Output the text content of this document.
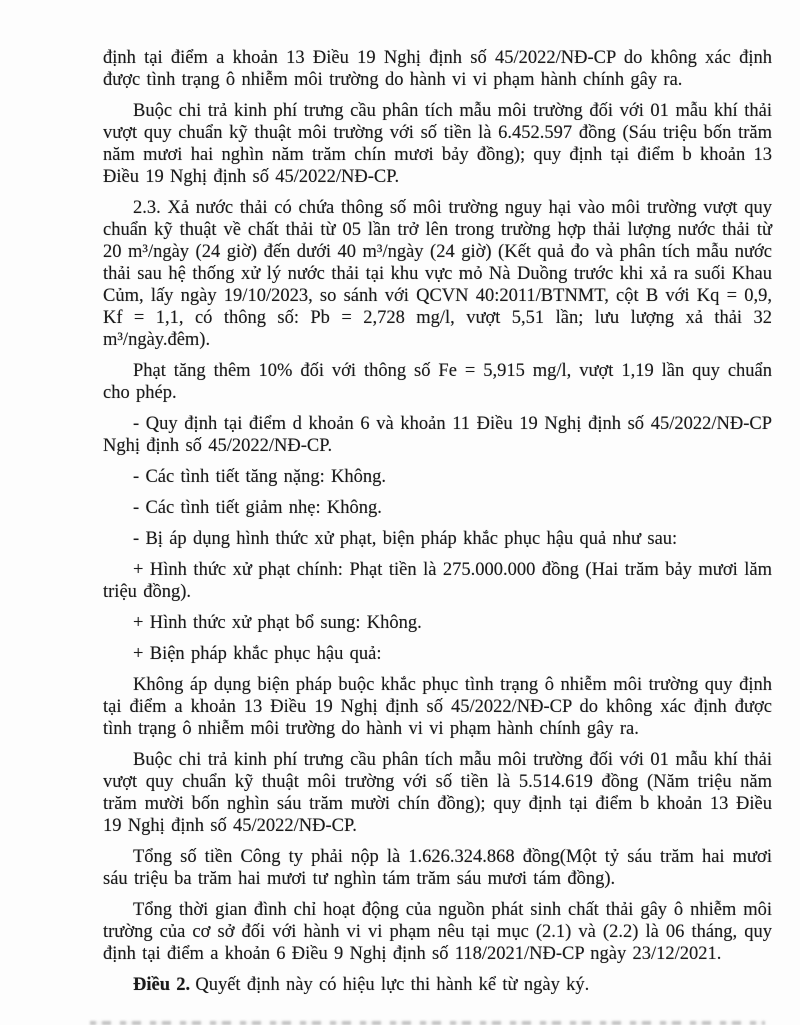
định tại điểm a khoản 13 Điều 19 Nghị định số 45/2022/NĐ-CP do không xác định được tình trạng ô nhiễm môi trường do hành vi vi phạm hành chính gây ra.

Buộc chi trả kinh phí trưng cầu phân tích mẫu môi trường đối với 01 mẫu khí thải vượt quy chuẩn kỹ thuật môi trường với số tiền là 6.452.597 đồng (Sáu triệu bốn trăm năm mươi hai nghìn năm trăm chín mươi bảy đồng); quy định tại điểm b khoản 13 Điều 19 Nghị định số 45/2022/NĐ-CP.

2.3. Xả nước thải có chứa thông số môi trường nguy hại vào môi trường vượt quy chuẩn kỹ thuật về chất thải từ 05 lần trở lên trong trường hợp thải lượng nước thải từ 20 m³/ngày (24 giờ) đến dưới 40 m³/ngày (24 giờ) (Kết quả đo và phân tích mẫu nước thải sau hệ thống xử lý nước thải tại khu vực mỏ Nà Duồng trước khi xả ra suối Khau Củm, lấy ngày 19/10/2023, so sánh với QCVN 40:2011/BTNMT, cột B với Kq = 0,9, Kf = 1,1, có thông số: Pb = 2,728 mg/l, vượt 5,51 lần; lưu lượng xả thải 32 m³/ngày.đêm).

Phạt tăng thêm 10% đối với thông số Fe = 5,915 mg/l, vượt 1,19 lần quy chuẩn cho phép.

- Quy định tại điểm d khoản 6 và khoản 11 Điều 19 Nghị định số 45/2022/NĐ-CP Nghị định số 45/2022/NĐ-CP.

- Các tình tiết tăng nặng: Không.

- Các tình tiết giảm nhẹ: Không.

- Bị áp dụng hình thức xử phạt, biện pháp khắc phục hậu quả như sau:

+ Hình thức xử phạt chính: Phạt tiền là 275.000.000 đồng (Hai trăm bảy mươi lăm triệu đồng).

+ Hình thức xử phạt bổ sung: Không.

+ Biện pháp khắc phục hậu quả:

Không áp dụng biện pháp buộc khắc phục tình trạng ô nhiễm môi trường quy định tại điểm a khoản 13 Điều 19 Nghị định số 45/2022/NĐ-CP do không xác định được tình trạng ô nhiễm môi trường do hành vi vi phạm hành chính gây ra.

Buộc chi trả kinh phí trưng cầu phân tích mẫu môi trường đối với 01 mẫu khí thải vượt quy chuẩn kỹ thuật môi trường với số tiền là 5.514.619 đồng (Năm triệu năm trăm mười bốn nghìn sáu trăm mười chín đồng); quy định tại điểm b khoản 13 Điều 19 Nghị định số 45/2022/NĐ-CP.

Tổng số tiền Công ty phải nộp là 1.626.324.868 đồng(Một tỷ sáu trăm hai mươi sáu triệu ba trăm hai mươi tư nghìn tám trăm sáu mươi tám đồng).

Tổng thời gian đình chỉ hoạt động của nguồn phát sinh chất thải gây ô nhiễm môi trường của cơ sở đối với hành vi vi phạm nêu tại mục (2.1) và (2.2) là 06 tháng, quy định tại điểm a khoản 6 Điều 9 Nghị định số 118/2021/NĐ-CP ngày 23/12/2021.

Điều 2. Quyết định này có hiệu lực thi hành kể từ ngày ký.
